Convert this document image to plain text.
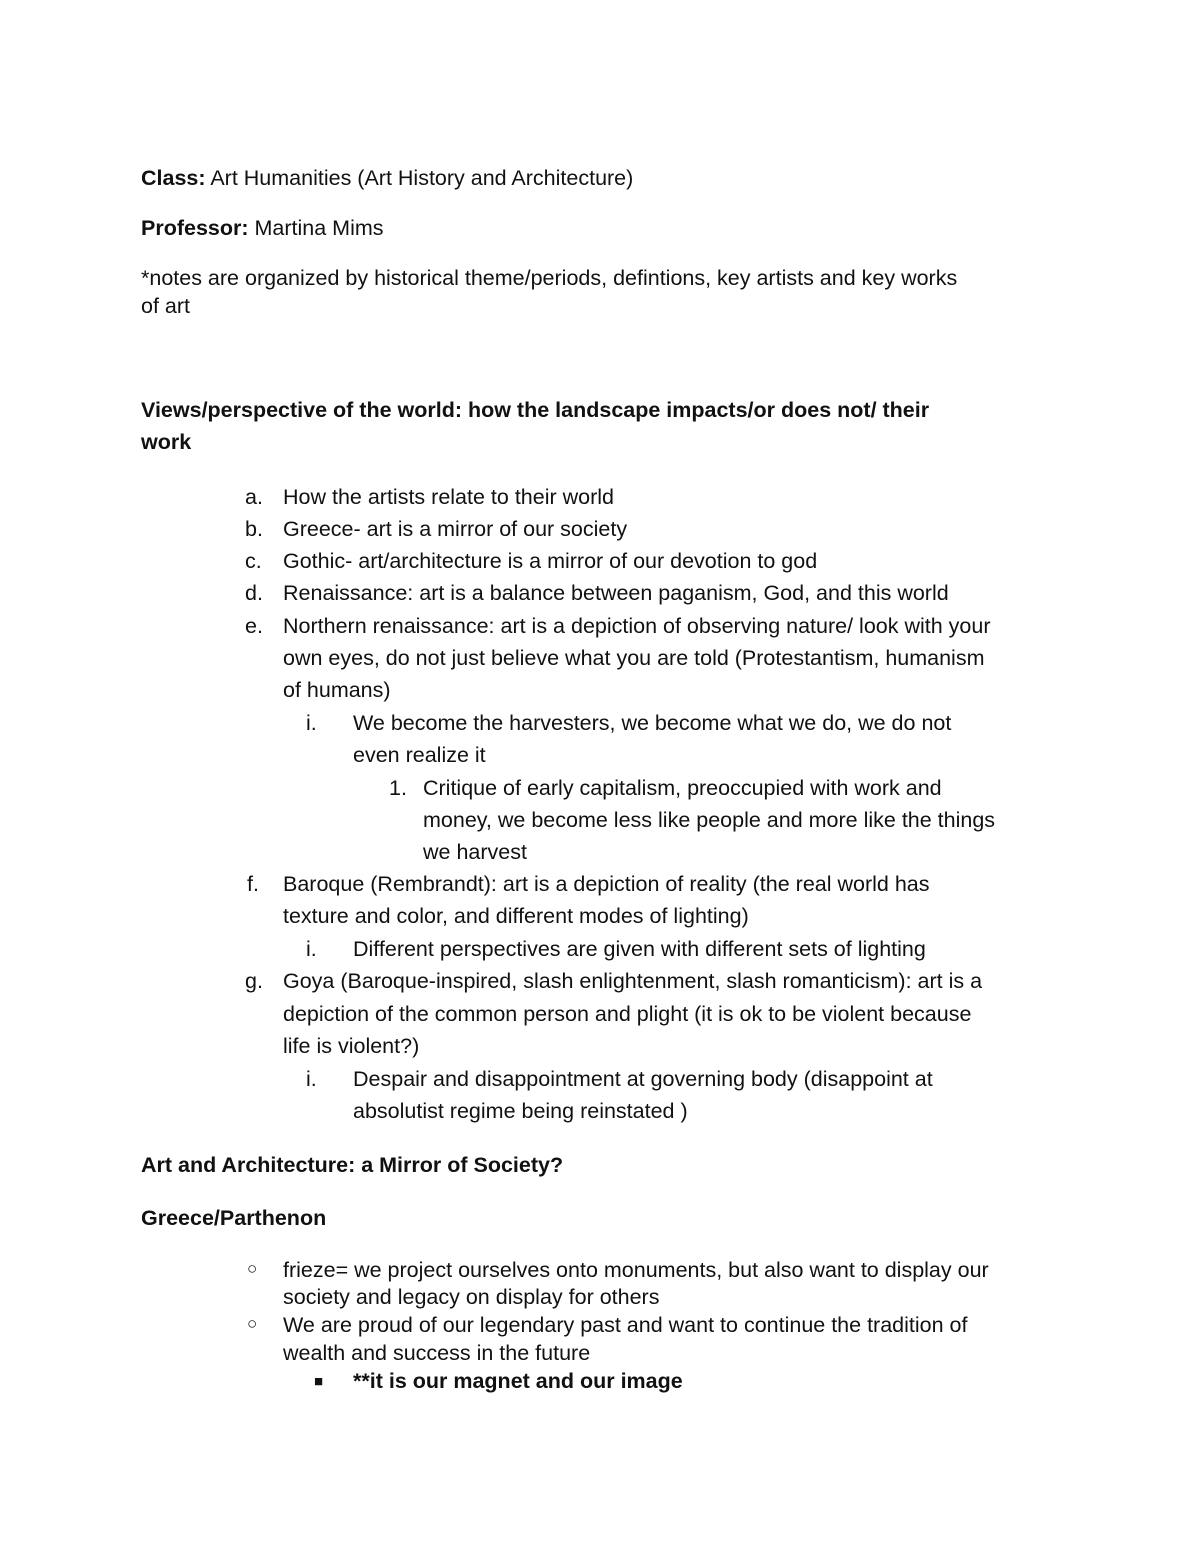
Class: Art Humanities (Art History and Architecture)

Professor: Martina Mims

*notes are organized by historical theme/periods, defintions, key artists and key works

of art

Views/perspective of the world: how the landscape impacts/or does not/ their

work

a. How the artists relate to their world

b. Greece- art is a mirror of our society

c. Gothic- art/architecture is a mirror of our devotion to god

d. Renaissance: art is a balance between paganism, God, and this world

e. Northern renaissance: art is a depiction of observing nature/ look with your

own eyes, do not just believe what you are told (Protestantism, humanism

of humans)

i. We become the harvesters, we become what we do, we do not

even realize it

1. Critique of early capitalism, preoccupied with work and

money, we become less like people and more like the things

we harvest

f. Baroque (Rembrandt): art is a depiction of reality (the real world has

texture and color, and different modes of lighting)

i. Different perspectives are given with different sets of lighting

g. Goya (Baroque-inspired, slash enlightenment, slash romanticism): art is a

depiction of the common person and plight (it is ok to be violent because

life is violent?)

i. Despair and disappointment at governing body (disappoint at

absolutist regime being reinstated )

Art and Architecture: a Mirror of Society?

Greece/Parthenon

○ frieze= we project ourselves onto monuments, but also want to display our

society and legacy on display for others

○ We are proud of our legendary past and want to continue the tradition of

wealth and success in the future

■ **it is our magnet and our image
